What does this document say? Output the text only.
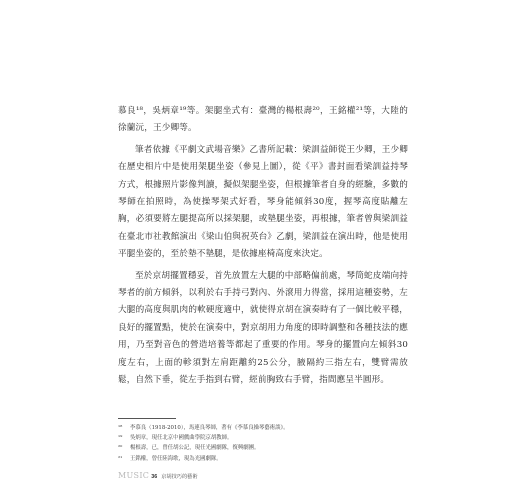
慕良¹⁸，吳炳章¹⁹等。架腿坐式有：臺灣的楊根壽²⁰，王銘權²¹等，大陸的徐蘭沅，王少卿等。

筆者依據《平劇文武場音樂》乙書所記載：梁訓益師從王少卿，王少卿在歷史相片中是使用架腿坐姿（參見上圖），從《平》書封面看梁訓益持琴方式，根據照片影像判讀，擬似架腿坐姿，但根據筆者自身的經驗，多數的琴師在拍照時，為使操琴架式好看，琴身能傾斜30度，握琴高度貼離左胸，必須要將左腿提高所以採架腿，或墊腿坐姿，再根據，筆者曾與梁訓益在臺北市社教館演出《梁山伯與祝英台》乙劇，梁訓益在演出時，他是使用平腿坐姿的，至於墊不墊腿，是依據座椅高度來決定。

至於京胡擺置穩妥，首先放置左大腿的中部略偏前處，琴筒蛇皮端向持琴者的前方傾斜，以利於右手持弓對內、外滾用力得當，採用這種姿勢，左大腿的高度與肌肉的軟硬度適中，就使得京胡在演奏時有了一個比較平穩，良好的擺置點，使於在演奏中，對京胡用力角度的即時調整和各種技法的應用，乃至對音色的營造培養等都起了重要的作用。琴身的擺置向左傾斜30度左右，上面的軫須對左肩距離約25公分，腋隔約三指左右，雙臂需放鬆，自然下垂，從左手指到右臂，經前胸致右手臂，指間應呈半圓形。

¹⁸	李慕良（1918-2010），馬連良琴師，著有《李慕良操琴藝術談》。
¹⁹	吳炳章，現任北京中國戲曲學院京胡教師。
²⁰	楊根壽，已，曾任胡公記，現任光國劇隊，復興劇團。
²¹	王銘權，曾任陸海歌，現為光國劇隊。
MUSIC 36 京胡技巧的藝術
